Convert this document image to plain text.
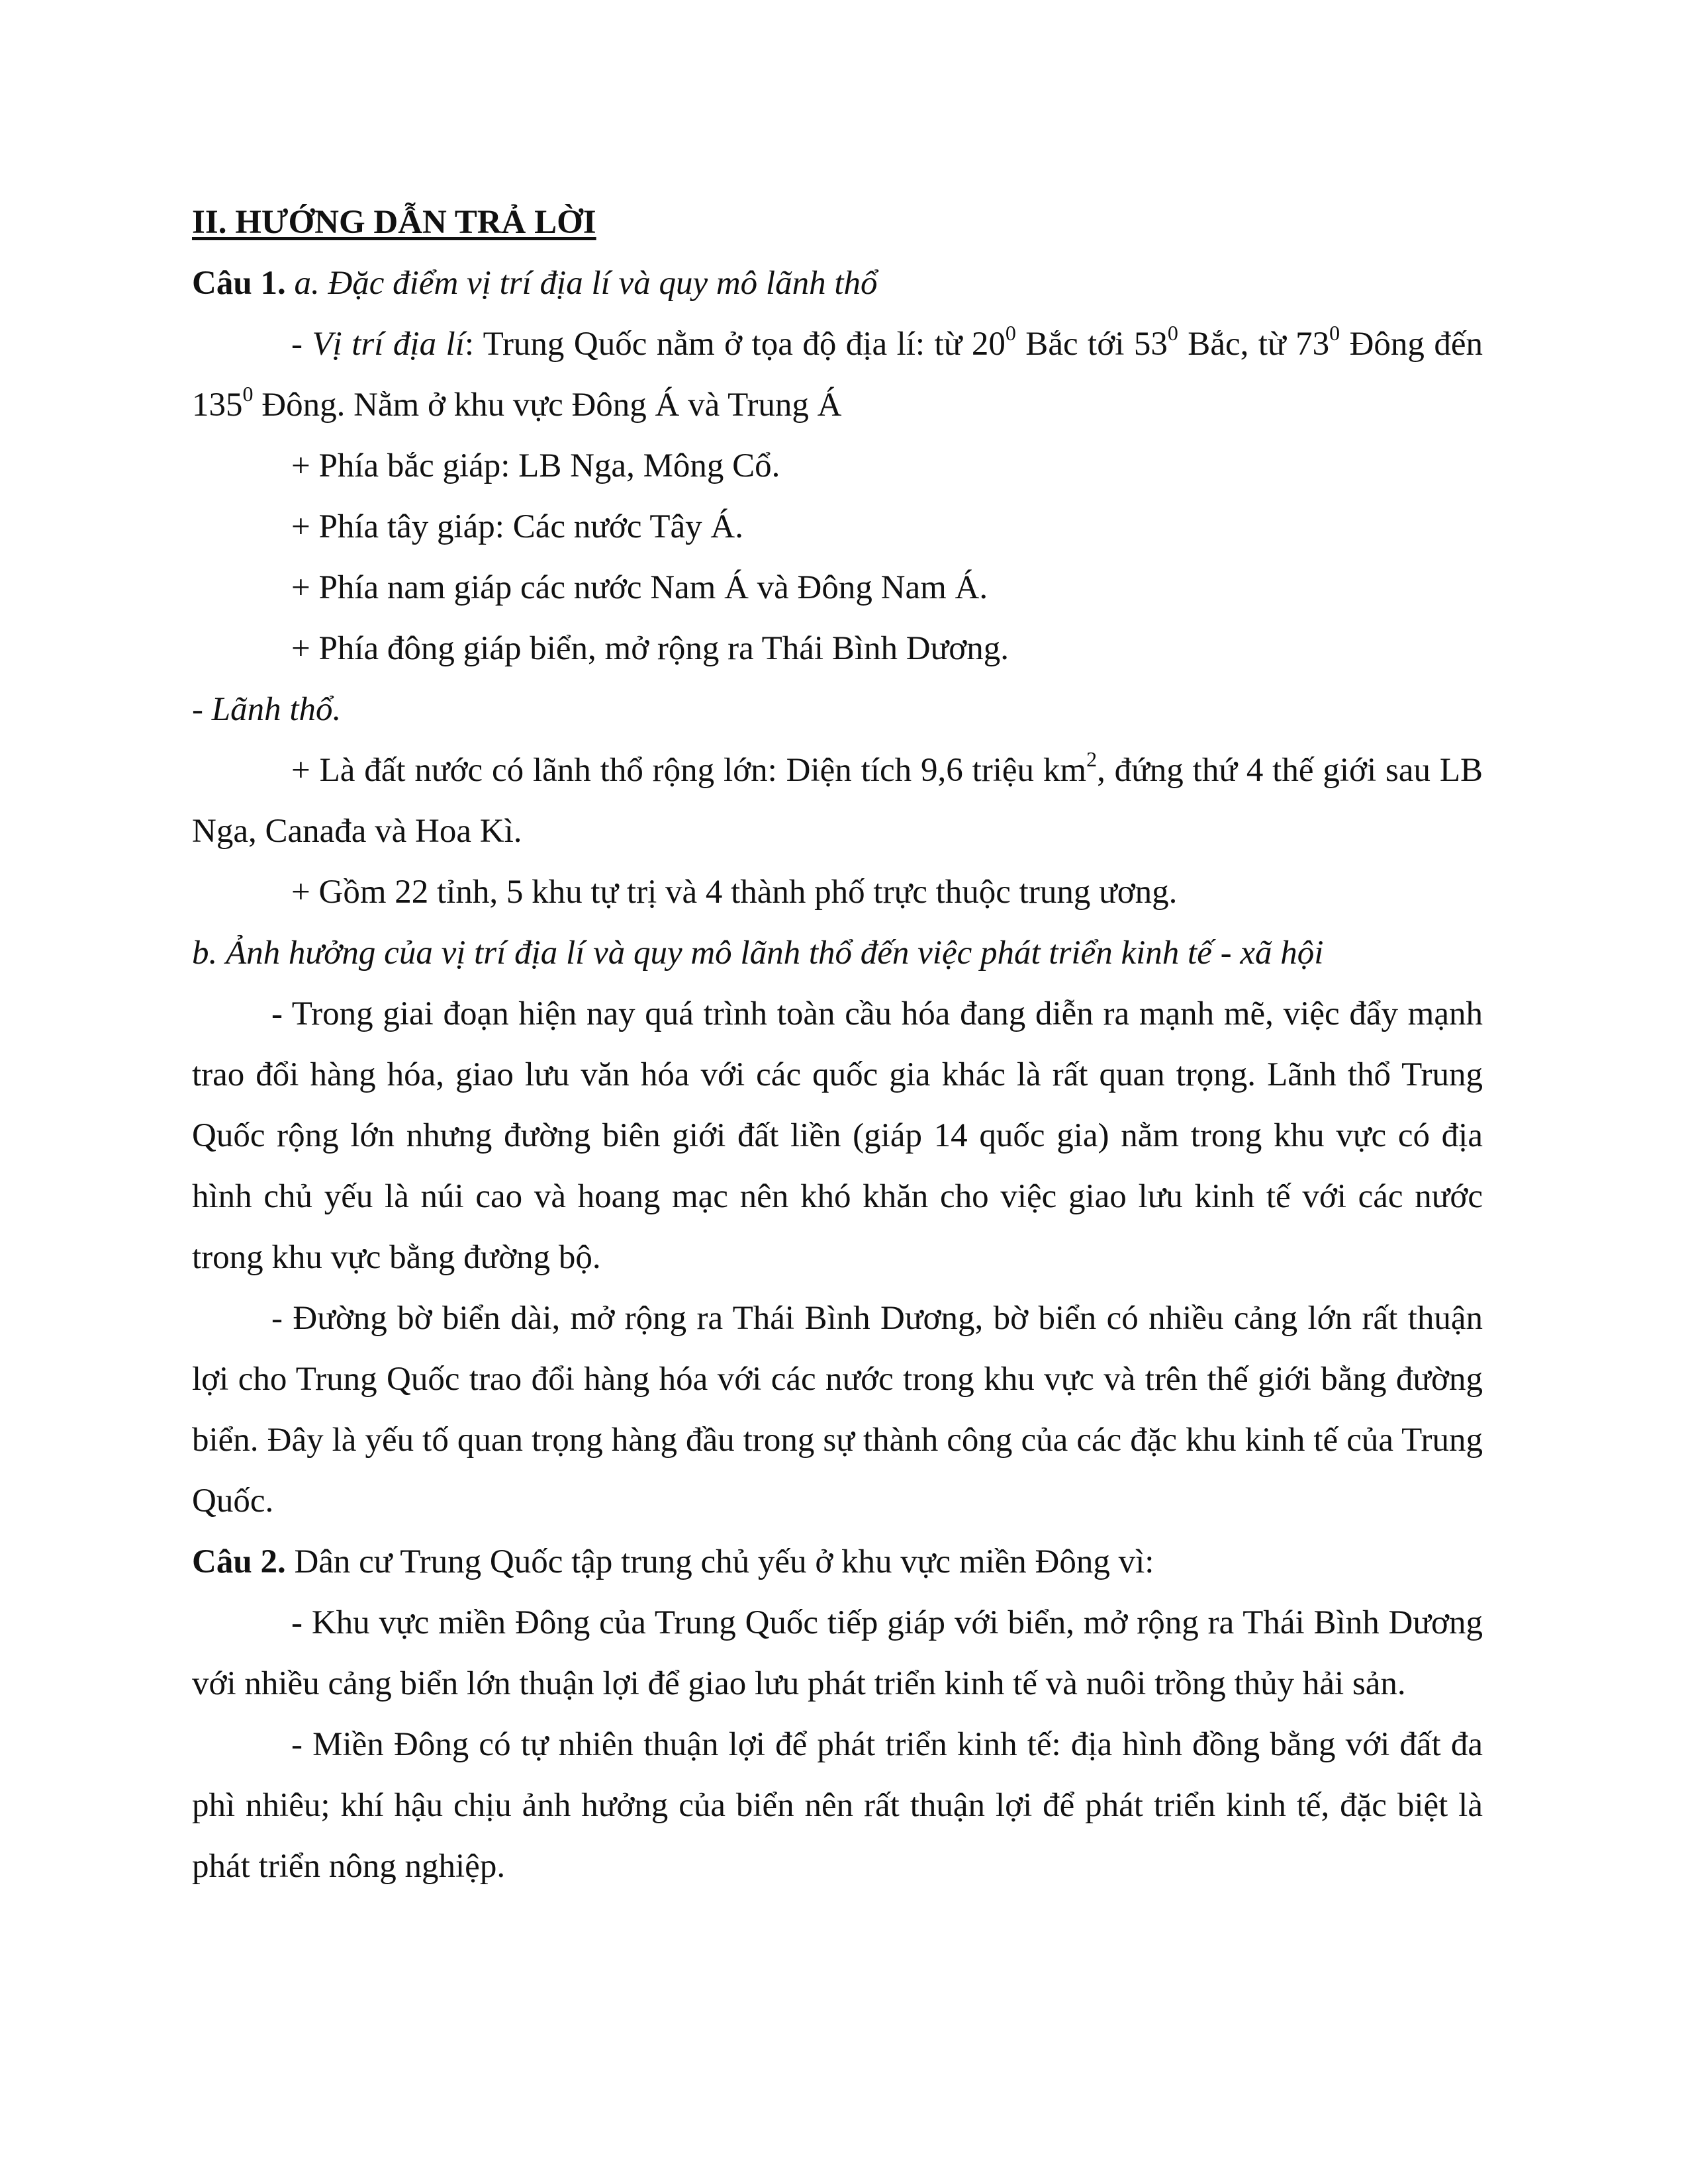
II. HƯỚNG DẪN TRẢ LỜI

Câu 1. a. Đặc điểm vị trí địa lí và quy mô lãnh thổ

- Vị trí địa lí: Trung Quốc nằm ở tọa độ địa lí: từ $20^0$ Bắc tới $53^0$ Bắc, từ $73^0$ Đông đến $135^0$ Đông. Nằm ở khu vực Đông Á và Trung Á

+ Phía bắc giáp: LB Nga, Mông Cổ.

+ Phía tây giáp: Các nước Tây Á.

+ Phía nam giáp các nước Nam Á và Đông Nam Á.

+ Phía đông giáp biển, mở rộng ra Thái Bình Dương.

- Lãnh thổ.

+ Là đất nước có lãnh thổ rộng lớn: Diện tích 9,6 triệu $km^2$, đứng thứ 4 thế giới sau LB Nga, Canađa và Hoa Kì.

+ Gồm 22 tỉnh, 5 khu tự trị và 4 thành phố trực thuộc trung ương.

b. Ảnh hưởng của vị trí địa lí và quy mô lãnh thổ đến việc phát triển kinh tế - xã hội

- Trong giai đoạn hiện nay quá trình toàn cầu hóa đang diễn ra mạnh mẽ, việc đẩy mạnh trao đổi hàng hóa, giao lưu văn hóa với các quốc gia khác là rất quan trọng. Lãnh thổ Trung Quốc rộng lớn nhưng đường biên giới đất liền (giáp 14 quốc gia) nằm trong khu vực có địa hình chủ yếu là núi cao và hoang mạc nên khó khăn cho việc giao lưu kinh tế với các nước trong khu vực bằng đường bộ.

- Đường bờ biển dài, mở rộng ra Thái Bình Dương, bờ biển có nhiều cảng lớn rất thuận lợi cho Trung Quốc trao đổi hàng hóa với các nước trong khu vực và trên thế giới bằng đường biển. Đây là yếu tố quan trọng hàng đầu trong sự thành công của các đặc khu kinh tế của Trung Quốc.

Câu 2. Dân cư Trung Quốc tập trung chủ yếu ở khu vực miền Đông vì:

- Khu vực miền Đông của Trung Quốc tiếp giáp với biển, mở rộng ra Thái Bình Dương với nhiều cảng biển lớn thuận lợi để giao lưu phát triển kinh tế và nuôi trồng thủy hải sản.

- Miền Đông có tự nhiên thuận lợi để phát triển kinh tế: địa hình đồng bằng với đất đa phì nhiêu; khí hậu chịu ảnh hưởng của biển nên rất thuận lợi để phát triển kinh tế, đặc biệt là phát triển nông nghiệp.
